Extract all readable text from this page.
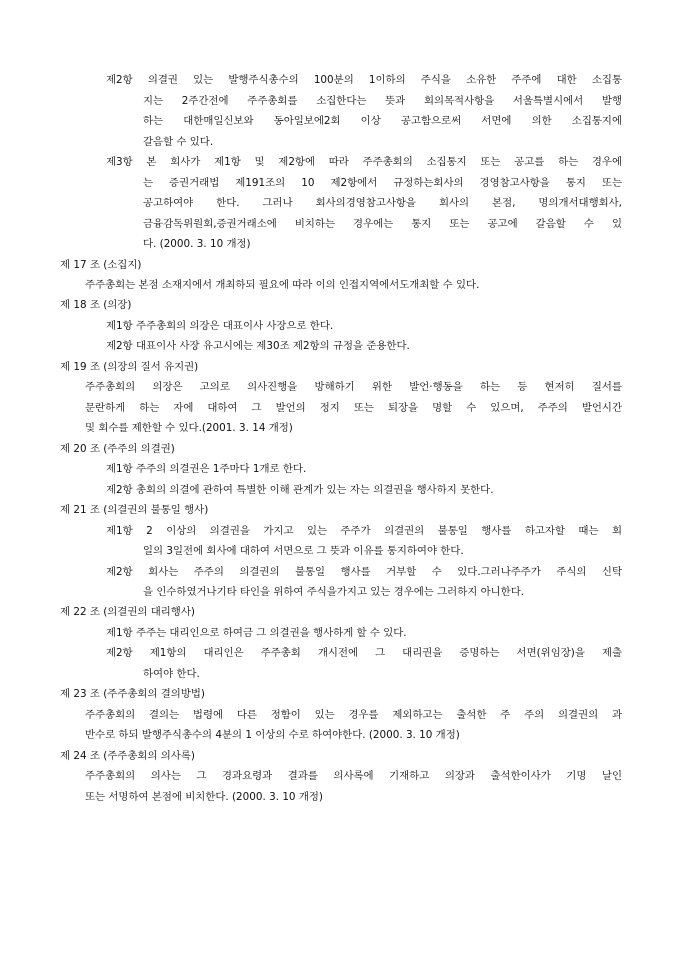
제2항 의결권 있는 발행주식총수의 100분의 1이하의 주식을 소유한 주주에 대한 소집통
지는 2주간전에 주주총회를 소집한다는 뜻과 회의목적사항을 서울특별시에서 발행
하는 대한매일신보와 동아일보에2회 이상 공고함으로써 서면에 의한 소집통지에
갈음할 수 있다.
제3항 본 회사가 제1항 및 제2항에 따라 주주총회의 소집통지 또는 공고를 하는 경우에
는 증권거래법 제191조의 10 제2항에서 규정하는회사의 경영참고사항을 통지 또는
공고하여야 한다. 그러나 회사의경영참고사항을 회사의 본점, 명의개서대행회사,
금융감독위원회,증권거래소에 비치하는 경우에는 통지 또는 공고에 갈음할 수 있
다. (2000. 3. 10 개정)
제 17 조 (소집지)
주주총회는 본점 소재지에서 개최하되 필요에 따라 이의 인접지역에서도개최할 수 있다.
제 18 조 (의장)
제1항 주주총회의 의장은 대표이사 사장으로 한다.
제2항 대표이사 사장 유고시에는 제30조 제2항의 규정을 준용한다.
제 19 조 (의장의 질서 유지권)
주주총회의 의장은 고의로 의사진행을 방해하기 위한 발언·행동을 하는 등 현저히 질서를
문란하게 하는 자에 대하여 그 발언의 정지 또는 퇴장을 명할 수 있으며, 주주의 발언시간
및 회수를 제한할 수 있다.(2001. 3. 14 개정)
제 20 조 (주주의 의결권)
제1항 주주의 의결권은 1주마다 1개로 한다.
제2항 총회의 의결에 관하여 특별한 이해 관계가 있는 자는 의결권을 행사하지 못한다.
제 21 조 (의결권의 불통일 행사)
제1항 2 이상의 의결권을 가지고 있는 주주가 의결권의 불통일 행사를 하고자할 때는 회
일의 3일전에 회사에 대하여 서면으로 그 뜻과 이유를 통지하여야 한다.
제2항 회사는 주주의 의결권의 불통일 행사를 거부할 수 있다.그러나주주가 주식의 신탁
을 인수하였거나기타 타인을 위하여 주식을가지고 있는 경우에는 그러하지 아니한다.
제 22 조 (의결권의 대리행사)
제1항 주주는 대리인으로 하여금 그 의결권을 행사하게 할 수 있다.
제2항 제1항의 대리인은 주주총회 개시전에 그 대리권을 증명하는 서면(위임장)을 제출
하여야 한다.
제 23 조 (주주총회의 결의방법)
주주총회의 결의는 법령에 다른 정함이 있는 경우를 제외하고는 출석한 주 주의 의결권의 과
반수로 하되 발행주식총수의 4분의 1 이상의 수로 하여야한다. (2000. 3. 10 개정)
제 24 조 (주주총회의 의사록)
주주총회의 의사는 그 경과요령과 결과를 의사록에 기재하고 의장과 출석한이사가 기명 날인
또는 서명하여 본점에 비치한다. (2000. 3. 10 개정)
